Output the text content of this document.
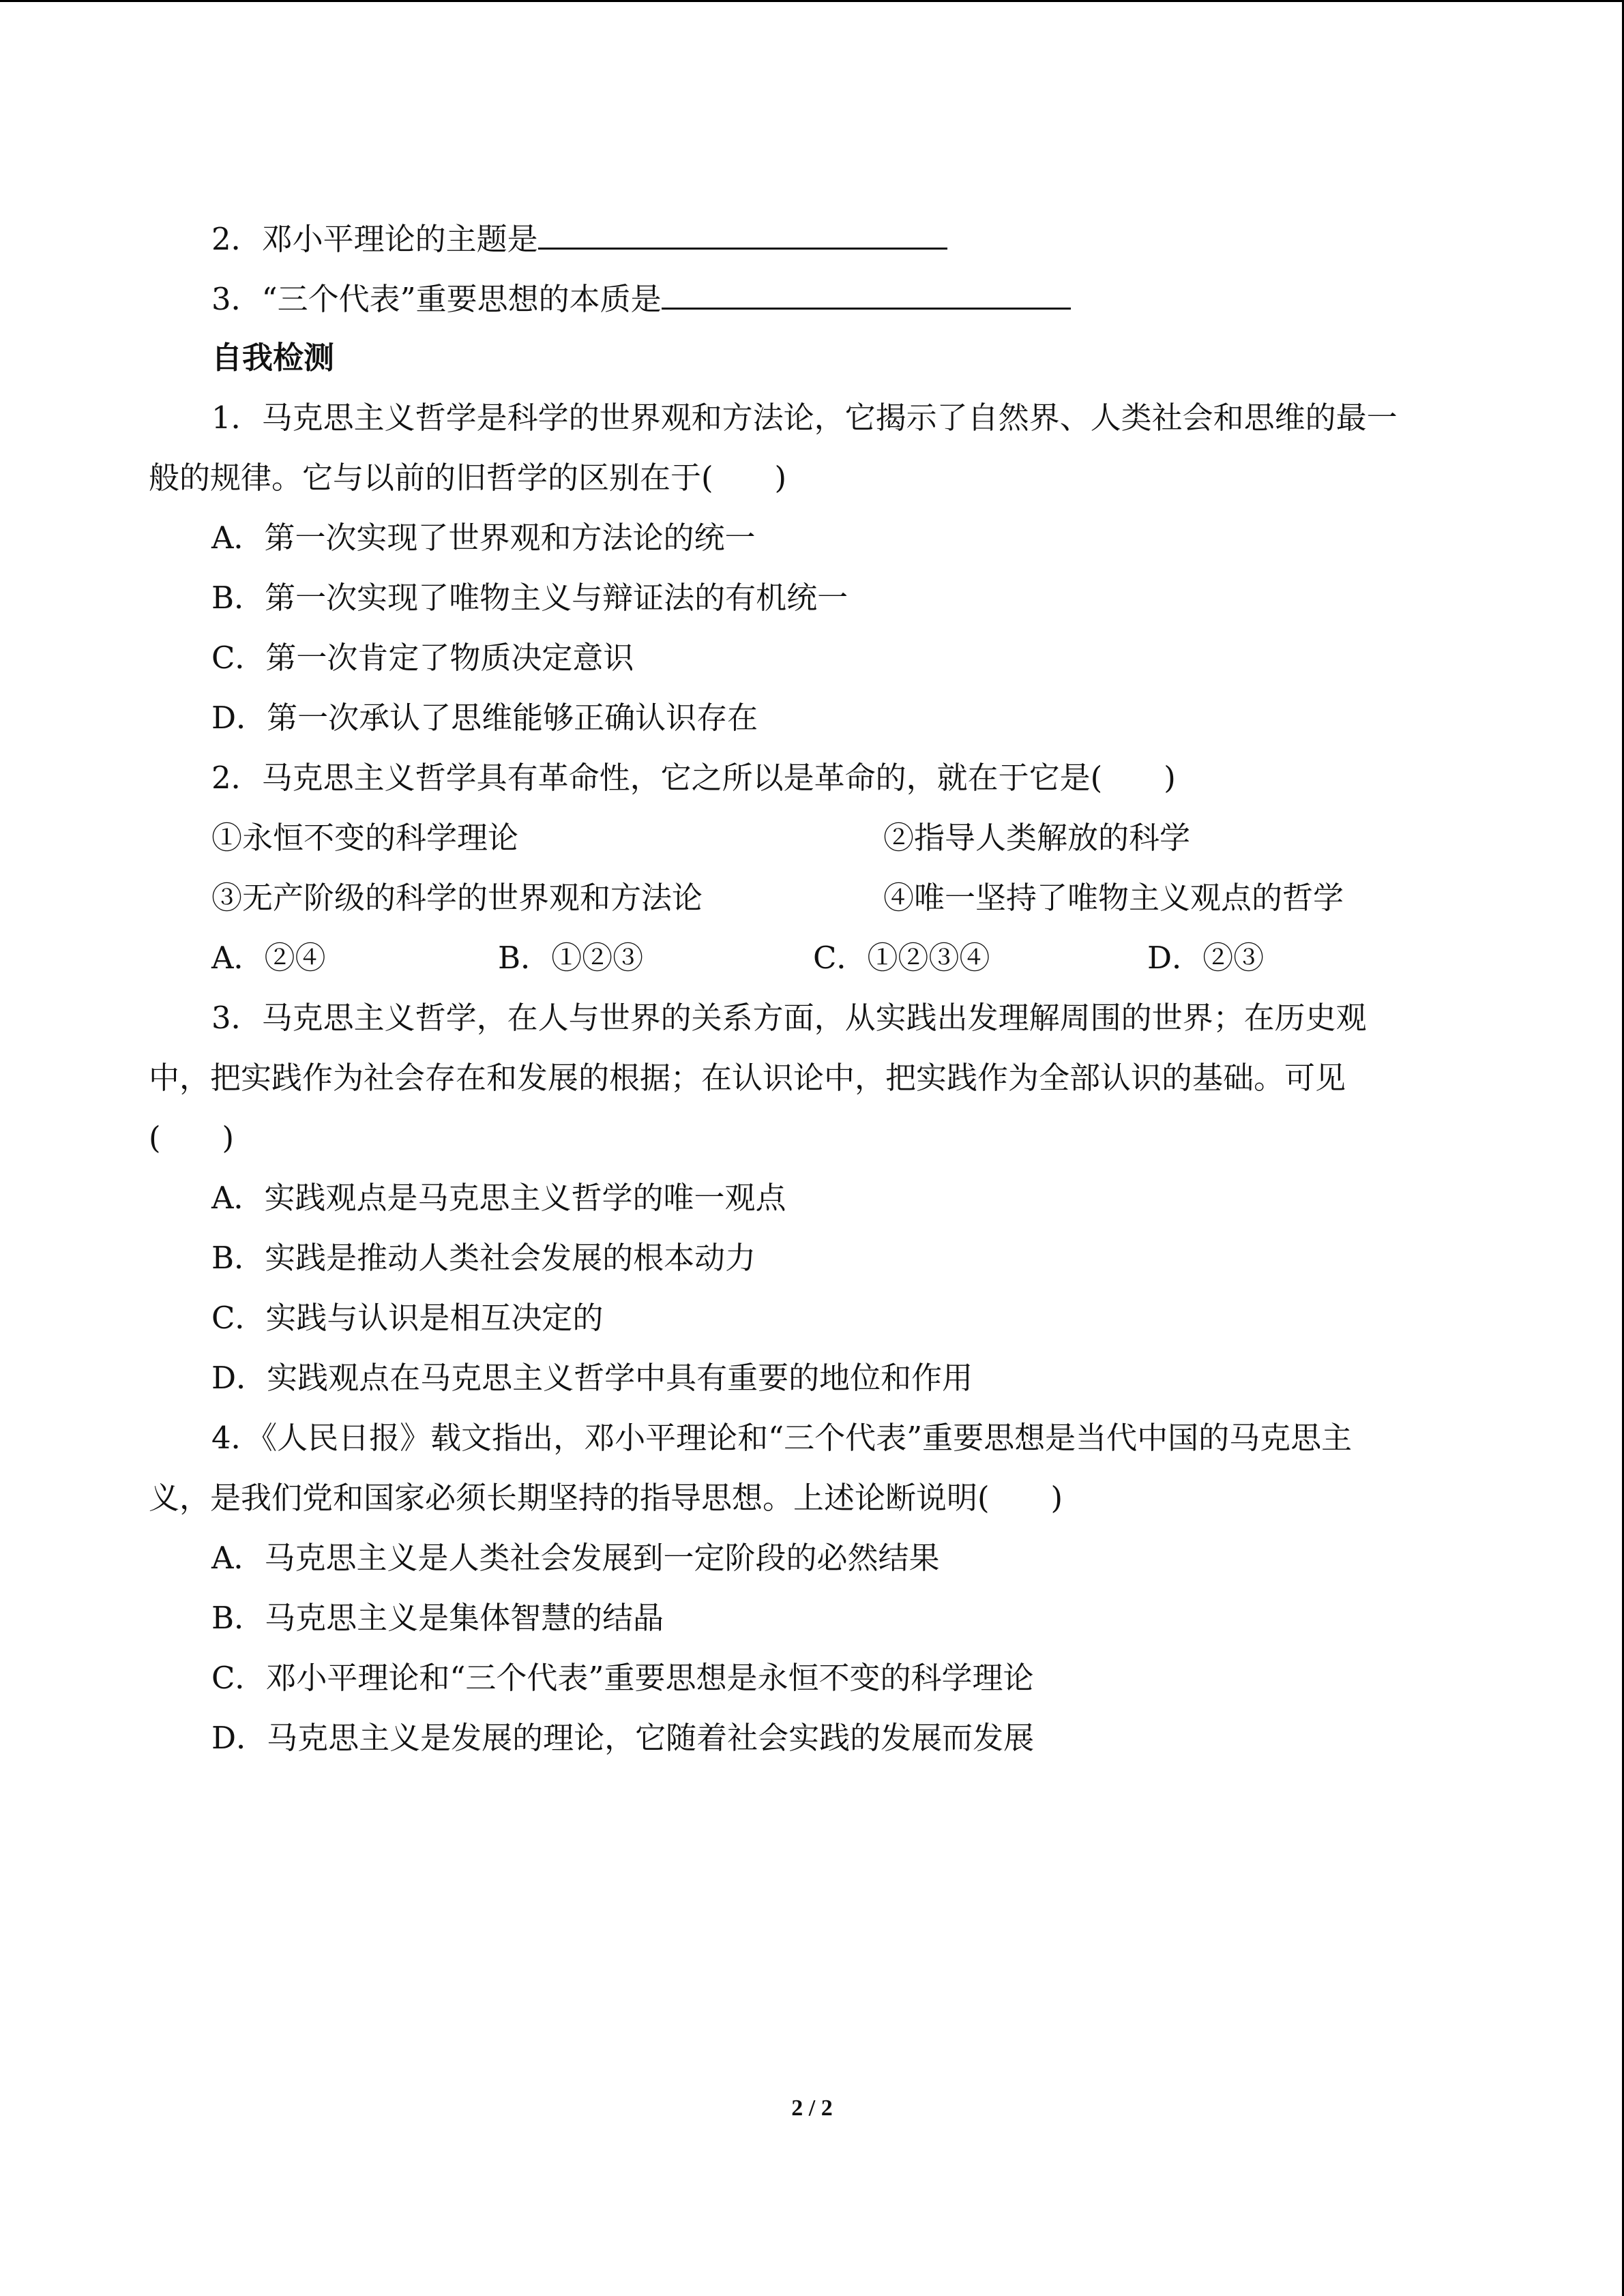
2．邓小平理论的主题是
3．“三个代表”重要思想的本质是
自我检测
1．马克思主义哲学是科学的世界观和方法论，它揭示了自然界、人类社会和思维的最一
般的规律。它与以前的旧哲学的区别在于(　　)
A．第一次实现了世界观和方法论的统一
B．第一次实现了唯物主义与辩证法的有机统一
C．第一次肯定了物质决定意识
D．第一次承认了思维能够正确认识存在
2．马克思主义哲学具有革命性，它之所以是革命的，就在于它是(　　)
①永恒不变的科学理论	②指导人类解放的科学
③无产阶级的科学的世界观和方法论	④唯一坚持了唯物主义观点的哲学
A．②④	B．①②③	C．①②③④	D．②③
3．马克思主义哲学，在人与世界的关系方面，从实践出发理解周围的世界；在历史观
中，把实践作为社会存在和发展的根据；在认识论中，把实践作为全部认识的基础。可见
(　　)
A．实践观点是马克思主义哲学的唯一观点
B．实践是推动人类社会发展的根本动力
C．实践与认识是相互决定的
D．实践观点在马克思主义哲学中具有重要的地位和作用
4．《人民日报》载文指出，邓小平理论和“三个代表”重要思想是当代中国的马克思主
义，是我们党和国家必须长期坚持的指导思想。上述论断说明(　　)
A．马克思主义是人类社会发展到一定阶段的必然结果
B．马克思主义是集体智慧的结晶
C．邓小平理论和“三个代表”重要思想是永恒不变的科学理论
D．马克思主义是发展的理论，它随着社会实践的发展而发展
2 / 2
